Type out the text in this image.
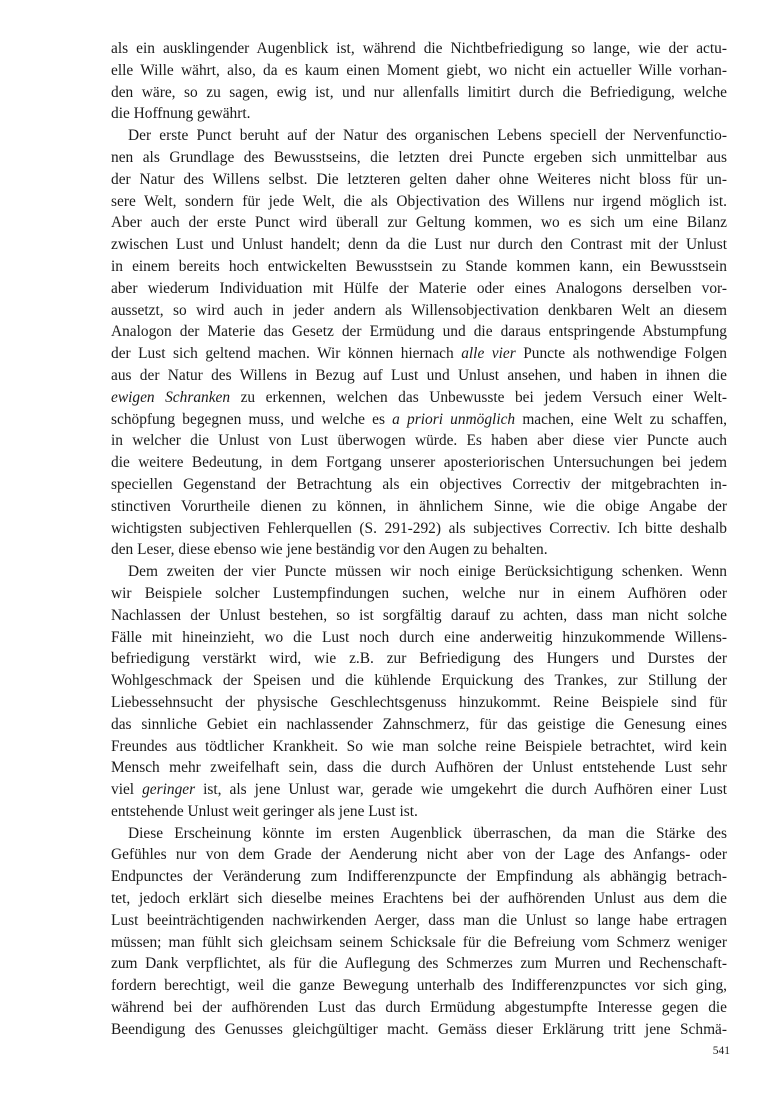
als ein ausklingender Augenblick ist, während die Nichtbefriedigung so lange, wie der actu-
elle Wille währt, also, da es kaum einen Moment giebt, wo nicht ein actueller Wille vorhan-
den wäre, so zu sagen, ewig ist, und nur allenfalls limitirt durch die Befriedigung, welche
die Hoffnung gewährt.
Der erste Punct beruht auf der Natur des organischen Lebens speciell der Nervenfunctio-
nen als Grundlage des Bewusstseins, die letzten drei Puncte ergeben sich unmittelbar aus
der Natur des Willens selbst. Die letzteren gelten daher ohne Weiteres nicht bloss für un-
sere Welt, sondern für jede Welt, die als Objectivation des Willens nur irgend möglich ist.
Aber auch der erste Punct wird überall zur Geltung kommen, wo es sich um eine Bilanz
zwischen Lust und Unlust handelt; denn da die Lust nur durch den Contrast mit der Unlust
in einem bereits hoch entwickelten Bewusstsein zu Stande kommen kann, ein Bewusstsein
aber wiederum Individuation mit Hülfe der Materie oder eines Analogons derselben vor-
aussetzt, so wird auch in jeder andern als Willensobjectivation denkbaren Welt an diesem
Analogon der Materie das Gesetz der Ermüdung und die daraus entspringende Abstumpfung
der Lust sich geltend machen. Wir können hiernach alle vier Puncte als nothwendige Folgen
aus der Natur des Willens in Bezug auf Lust und Unlust ansehen, und haben in ihnen die
ewigen Schranken zu erkennen, welchen das Unbewusste bei jedem Versuch einer Welt-
schöpfung begegnen muss, und welche es a priori unmöglich machen, eine Welt zu schaffen,
in welcher die Unlust von Lust überwogen würde. Es haben aber diese vier Puncte auch
die weitere Bedeutung, in dem Fortgang unserer aposteriorischen Untersuchungen bei jedem
speciellen Gegenstand der Betrachtung als ein objectives Correctiv der mitgebrachten in-
stinctiven Vorurtheile dienen zu können, in ähnlichem Sinne, wie die obige Angabe der
wichtigsten subjectiven Fehlerquellen (S. 291-292) als subjectives Correctiv. Ich bitte deshalb
den Leser, diese ebenso wie jene beständig vor den Augen zu behalten.
Dem zweiten der vier Puncte müssen wir noch einige Berücksichtigung schenken. Wenn
wir Beispiele solcher Lustempfindungen suchen, welche nur in einem Aufhören oder
Nachlassen der Unlust bestehen, so ist sorgfältig darauf zu achten, dass man nicht solche
Fälle mit hineinzieht, wo die Lust noch durch eine anderweitig hinzukommende Willens-
befriedigung verstärkt wird, wie z.B. zur Befriedigung des Hungers und Durstes der
Wohlgeschmack der Speisen und die kühlende Erquickung des Trankes, zur Stillung der
Liebessehnsucht der physische Geschlechtsgenuss hinzukommt. Reine Beispiele sind für
das sinnliche Gebiet ein nachlassender Zahnschmerz, für das geistige die Genesung eines
Freundes aus tödtlicher Krankheit. So wie man solche reine Beispiele betrachtet, wird kein
Mensch mehr zweifelhaft sein, dass die durch Aufhören der Unlust entstehende Lust sehr
viel geringer ist, als jene Unlust war, gerade wie umgekehrt die durch Aufhören einer Lust
entstehende Unlust weit geringer als jene Lust ist.
Diese Erscheinung könnte im ersten Augenblick überraschen, da man die Stärke des
Gefühles nur von dem Grade der Aenderung nicht aber von der Lage des Anfangs- oder
Endpunctes der Veränderung zum Indifferenzpuncte der Empfindung als abhängig betrach-
tet, jedoch erklärt sich dieselbe meines Erachtens bei der aufhörenden Unlust aus dem die
Lust beeinträchtigenden nachwirkenden Aerger, dass man die Unlust so lange habe ertragen
müssen; man fühlt sich gleichsam seinem Schicksale für die Befreiung vom Schmerz weniger
zum Dank verpflichtet, als für die Auflegung des Schmerzes zum Murren und Rechenschaft-
fordern berechtigt, weil die ganze Bewegung unterhalb des Indifferenzpunctes vor sich ging,
während bei der aufhörenden Lust das durch Ermüdung abgestumpfte Interesse gegen die
Beendigung des Genusses gleichgültiger macht. Gemäss dieser Erklärung tritt jene Schmä-
541
